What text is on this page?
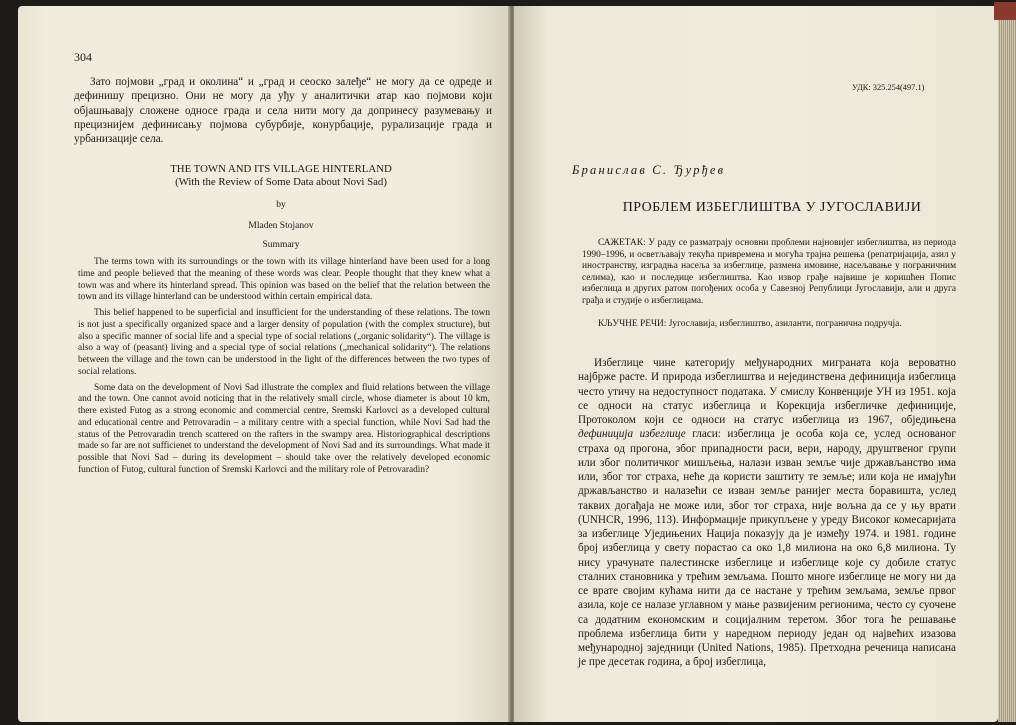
304

Зато појмови „град и околина“ и „град и сеоско залеђе“ не могу да се одреде и дефинишу прецизно. Они не могу да уђу у аналитички атар као појмови који објашњавају сложене односе града и села нити могу да допринесу разумевању и прецизнијем дефинисању појмова субурбије, конурбације, рурализације града и урбанизације села.

THE TOWN AND ITS VILLAGE HINTERLAND
(With the Review of Some Data about Novi Sad)
by
Mladen Stojanov
Summary

The terms town with its surroundings or the town with its village hinterland have been used for a long time and people believed that the meaning of these words was clear. People thought that they knew what a town was and where its hinterland spread. This opinion was based on the belief that the relation between the town and its village hinterland can be understood within certain empirical data.

This belief happened to be superficial and insufficient for the understanding of these relations. The town is not just a specifically organized space and a larger density of population (with the complex structure), but also a specific manner of social life and a special type of social relations („organic solidarity“). The village is also a way of (peasant) living and a special type of social relations („mechanical solidarity“). The relations between the village and the town can be understood in the light of the differences between the two types of social relations.

Some data on the development of Novi Sad illustrate the complex and fluid relations between the village and the town. One cannot avoid noticing that in the relatively small circle, whose diameter is about 10 km, there existed Futog as a strong economic and commercial centre, Sremski Karlovci as a developed cultural and educational centre and Petrovaradin – a military centre with a special function, while Novi Sad had the status of the Petrovaradin trench scattered on the rafters in the swampy area. Historiographical descriptions made so far are not sufficienet to understand the development of Novi Sad and its surroundings. What made it possible that Novi Sad – during its development – should take over the relatively developed economic function of Futog, cultural function of Sremski Karlovci and the military role of Petrovaradin?

УДК: 325.254(497.1)
Бранислав С. Ђурђев
ПРОБЛЕМ ИЗБЕГЛИШТВА У ЈУГОСЛАВИЈИ

САЖЕТАК: У раду се разматрају основни проблеми најновијег избеглиштва, из периода 1990–1996, и осветљавају текућа привремена и могућа трајна решења (репатријација, азил у иностранству, изградња насеља за избеглице, размена имовине, насељавање у пограничним селима), као и последице избеглиштва. Као извор грађе највише је коришћен Попис избеглица и других ратом погођених особа у Савезној Републици Југославији, али и друга грађа и студије о избеглицама.

КЉУЧНЕ РЕЧИ: Југославија, избеглиштво, азиланти, погранична подручја.

Избеглице чине категорију међународних миграната која вероватно најбрже расте. И природа избеглиштва и нејединствена дефиниција избеглица често утичу на недоступност података. У смислу Конвенције УН из 1951. која се односи на статус избеглица и Корекција избегличке дефиниције, Протоколом који се односи на статус избеглица из 1967, обједињена дефиниција избеглице гласи: избеглица је особа која се, услед основаног страха од прогона, због припадности раси, вери, народу, друштвеног групи или због политичког мишљења, налази изван земље чије држављанство има или, због тог страха, неће да користи заштиту те земље; или која не имајући држављанство и налазећи се изван земље ранијег места боравишта, услед таквих догађаја не може или, због тог страха, није вољна да се у њу врати (UNHCR, 1996, 113). Информације прикупљене у уреду Високог комесаријата за избеглице Уједињених Нација показују да је између 1974. и 1981. године број избеглица у свету порастао са око 1,8 милиона на око 6,8 милиона. Ту нису урачунате палестинске избеглице и избеглице које су добиле статус сталних становника у трећим земљама. Пошто многе избеглице не могу ни да се врате својим кућама нити да се настане у трећим земљама, земље првог азила, које се налазе углавном у мање развијеним регионима, често су суочене са додатним економским и социјалним теретом. Због тога ће решавање проблема избеглица бити у наредном периоду један од највећих изазова међународној заједници (United Nations, 1985). Претходна реченица написана је пре десетак година, а број избеглица,
